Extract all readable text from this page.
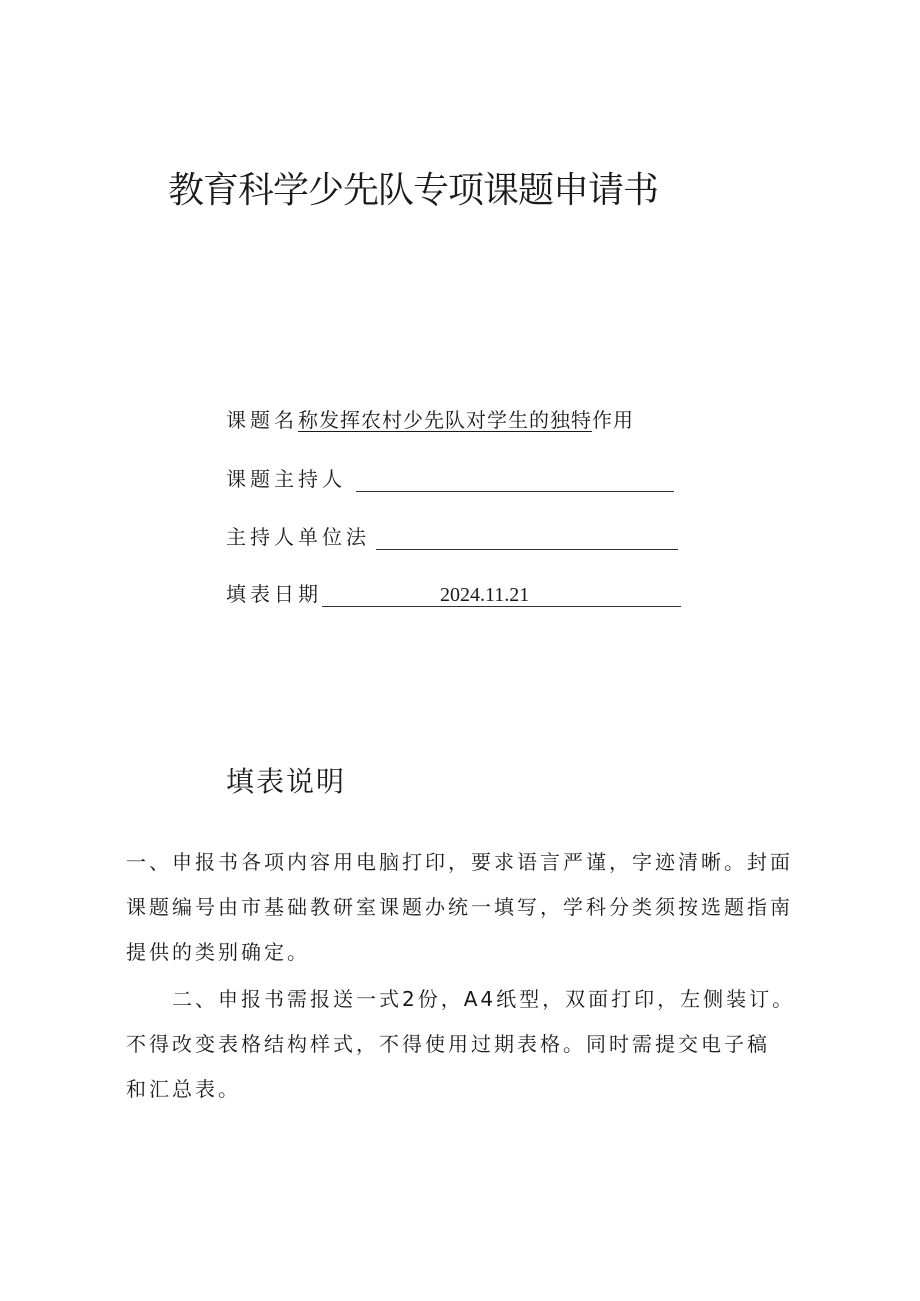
教育科学少先队专项课题申请书
课题名 称发挥农村少先队对学生的独特 作用
课题主持人
主持人单位法
填表日期	2024.11.21
填表说明
一、申报书各项内容用电脑打印，要求语言严谨，字迹清晰。封面
课题编号由市基础教研室课题办统一填写，学科分类须按选题指南
提供的类别确定。
　　二、申报书需报送一式2份，A4纸型，双面打印，左侧装订。
不得改变表格结构样式，不得使用过期表格。同时需提交电子稿
和汇总表。
